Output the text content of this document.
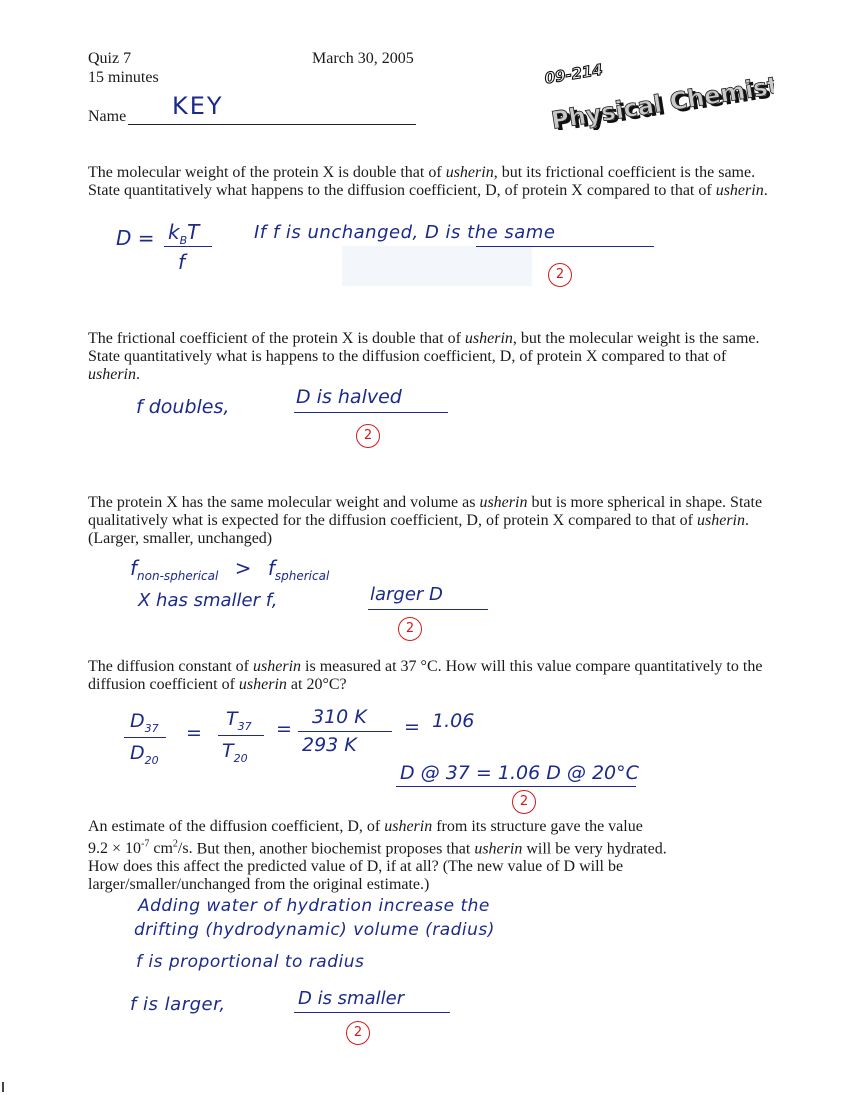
Quiz 7
15 minutes
March 30, 2005
Name KEY
09-214
Physical Chemistry
Physical Chemistry
The molecular weight of the protein X is double that of usherin, but its frictional coefficient is the same. State quantitatively what happens to the diffusion coefficient, D, of protein X compared to that of usherin.
$D = k_BT$
f
If f is unchanged, D is the same
2
The frictional coefficient of the protein X is double that of usherin, but the molecular weight is the same. State quantitatively what is happens to the diffusion coefficient, D, of protein X compared to that of usherin.
f doubles,	D is halved
2
The protein X has the same molecular weight and volume as usherin but is more spherical in shape. State qualitatively what is expected for the diffusion coefficient, D, of protein X compared to that of usherin. (Larger, smaller, unchanged)
$f_{non-spherical} > f_{spherical}$
X has smaller f,	larger D
2
The diffusion constant of usherin is measured at 37 °C. How will this value compare quantitatively to the diffusion coefficient of usherin at 20°C?
$D_{37}$
$D_{20}$
=
$T_{37}$
$T_{20}$
=
310 K
293 K
= 1.06
D @ 37 = 1.06 D @ 20°C
2
An estimate of the diffusion coefficient, D, of usherin from its structure gave the value
$9.2 \times 10^{-7}$ $cm^2/s$. But then, another biochemist proposes that usherin will be very hydrated.
How does this affect the predicted value of D, if at all? (The new value of D will be larger/smaller/unchanged from the original estimate.)
Adding water of hydration increase the
drifting (hydrodynamic) volume (radius)
f is proportional to radius
f is larger,	D is smaller
2
